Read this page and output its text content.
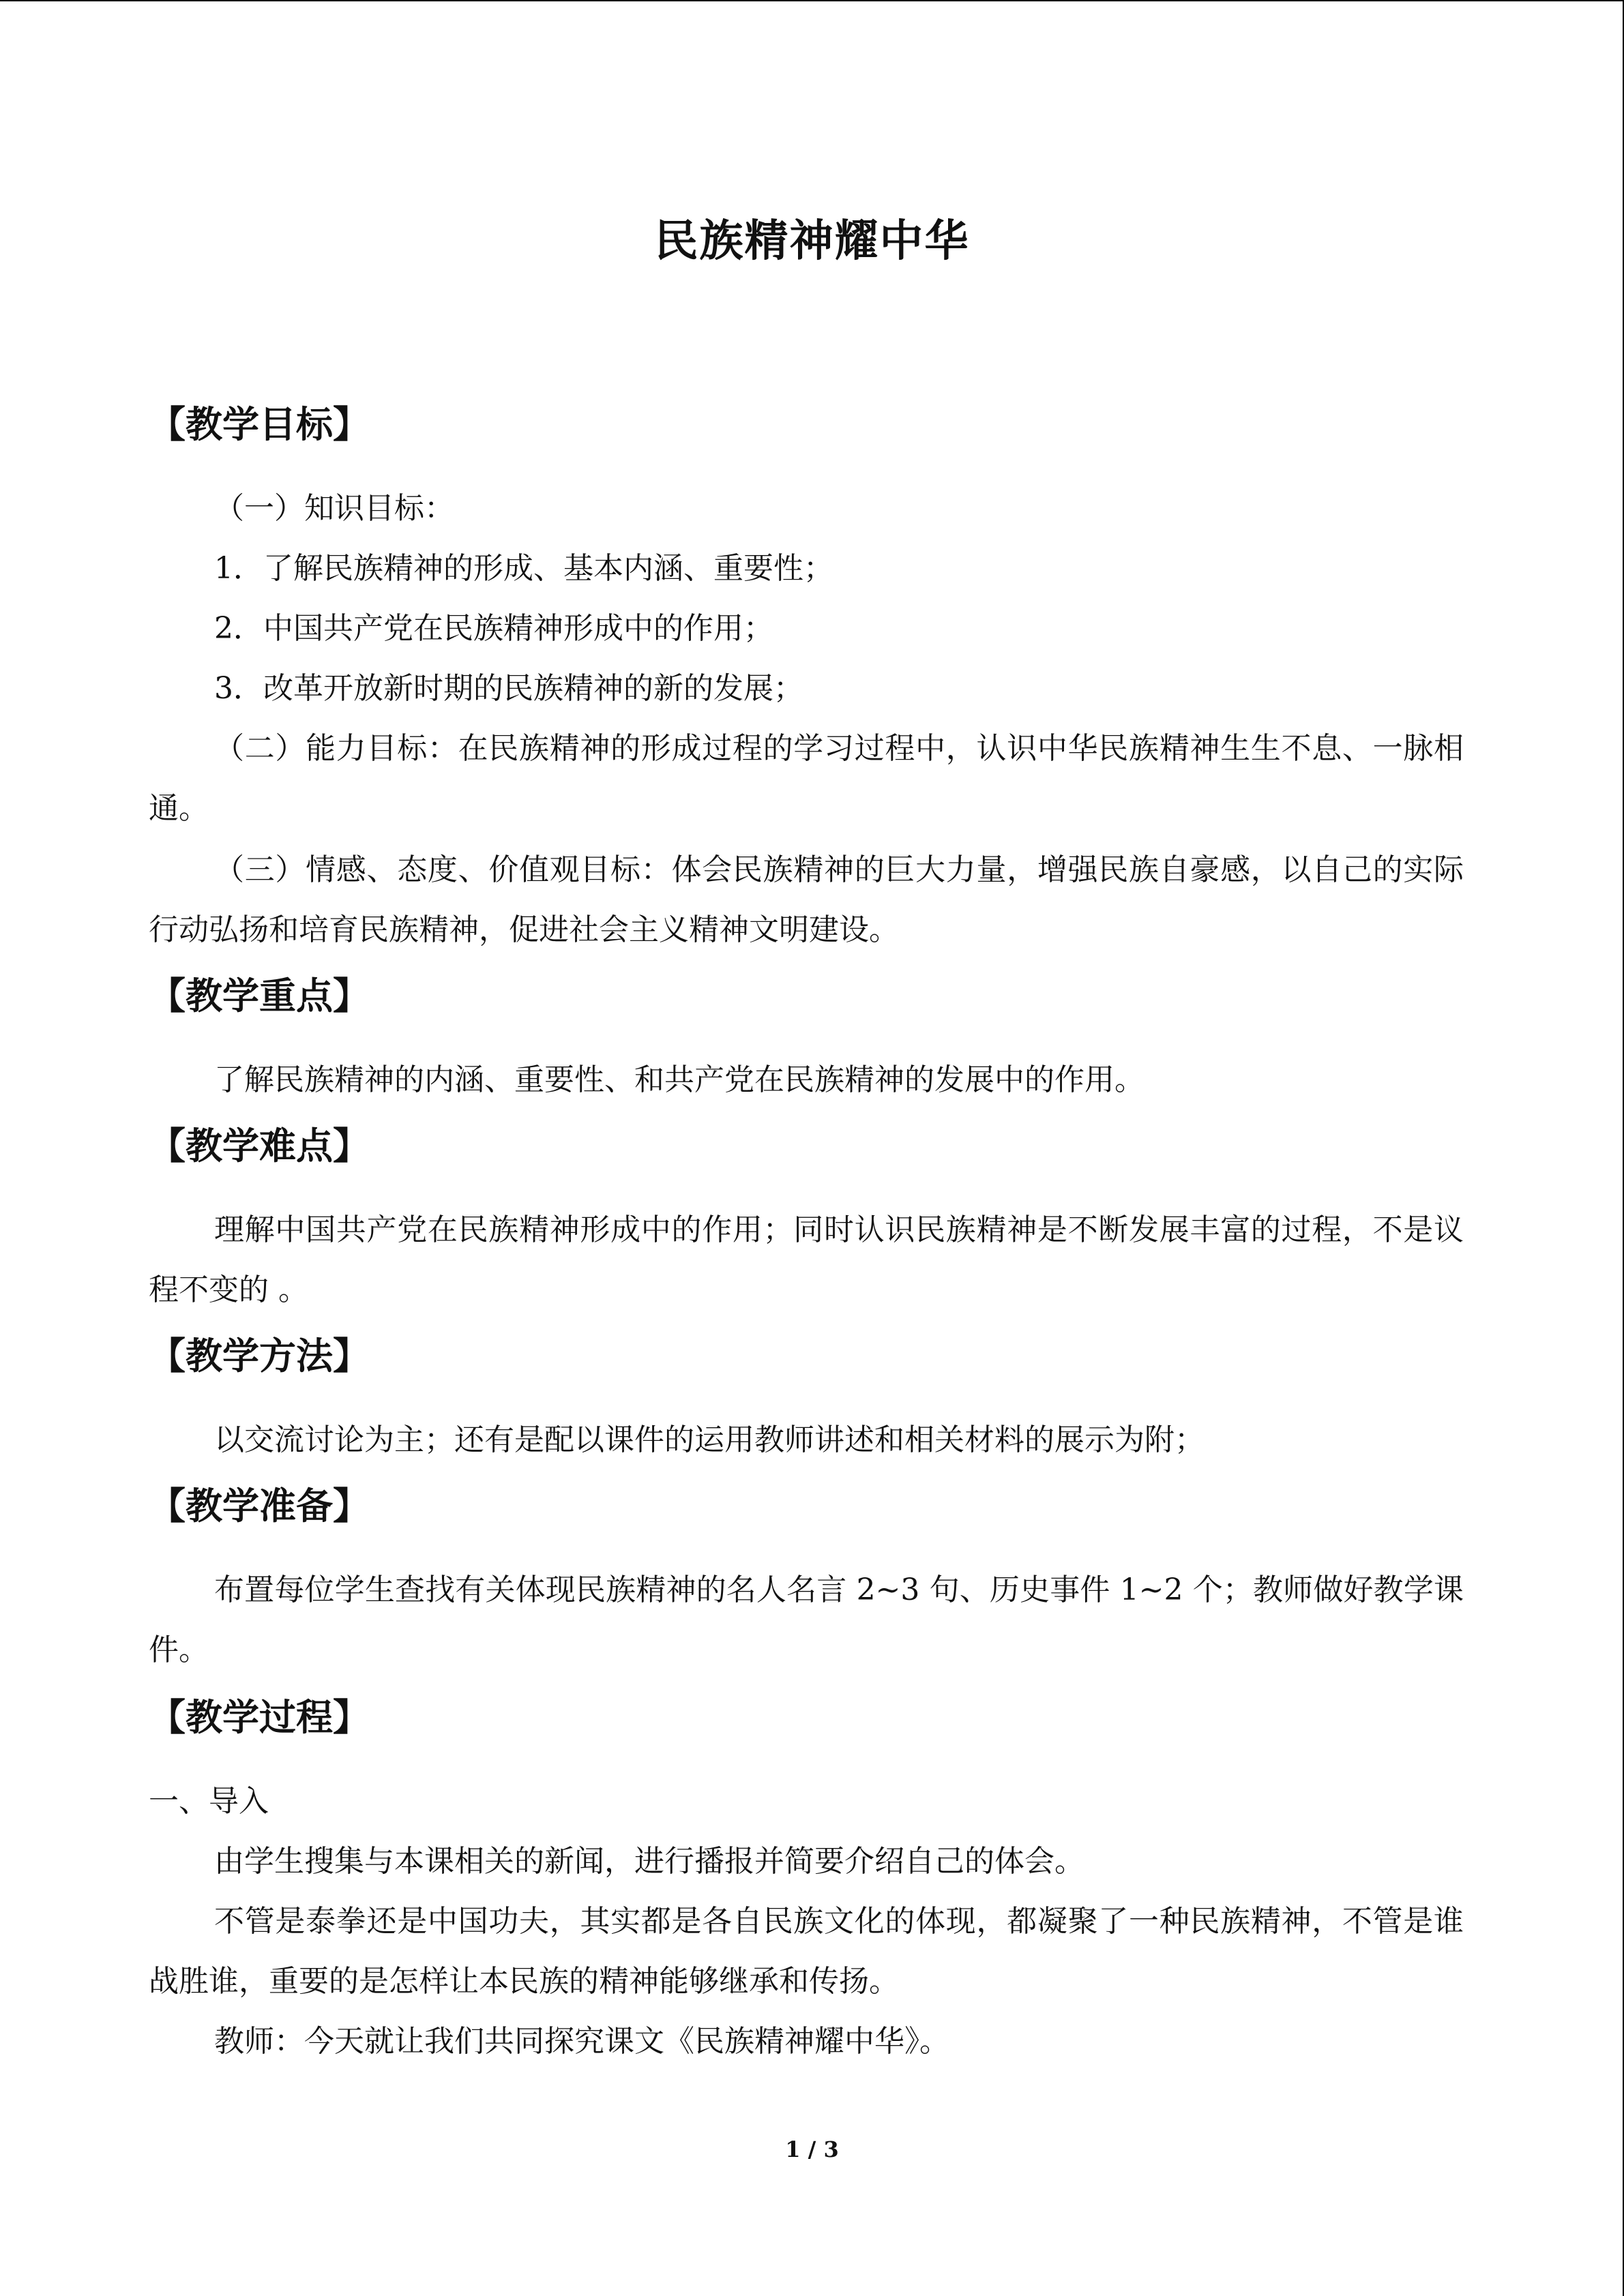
民族精神耀中华
【教学目标】
（一）知识目标：
1．了解民族精神的形成、基本内涵、重要性；
2．中国共产党在民族精神形成中的作用；
3．改革开放新时期的民族精神的新的发展；
（二）能力目标：在民族精神的形成过程的学习过程中，认识中华民族精神生生不息、一脉相通。
（三）情感、态度、价值观目标：体会民族精神的巨大力量，增强民族自豪感，以自己的实际行动弘扬和培育民族精神，促进社会主义精神文明建设。
【教学重点】
了解民族精神的内涵、重要性、和共产党在民族精神的发展中的作用。
【教学难点】
理解中国共产党在民族精神形成中的作用；同时认识民族精神是不断发展丰富的过程，不是议程不变的 。
【教学方法】
以交流讨论为主；还有是配以课件的运用教师讲述和相关材料的展示为附；
【教学准备】
布置每位学生查找有关体现民族精神的名人名言 2~3 句、历史事件 1~2 个；教师做好教学课件。
【教学过程】
一、导入
由学生搜集与本课相关的新闻，进行播报并简要介绍自己的体会。
不管是泰拳还是中国功夫，其实都是各自民族文化的体现，都凝聚了一种民族精神，不管是谁战胜谁，重要的是怎样让本民族的精神能够继承和传扬。
教师：今天就让我们共同探究课文《民族精神耀中华》。
1 / 3
